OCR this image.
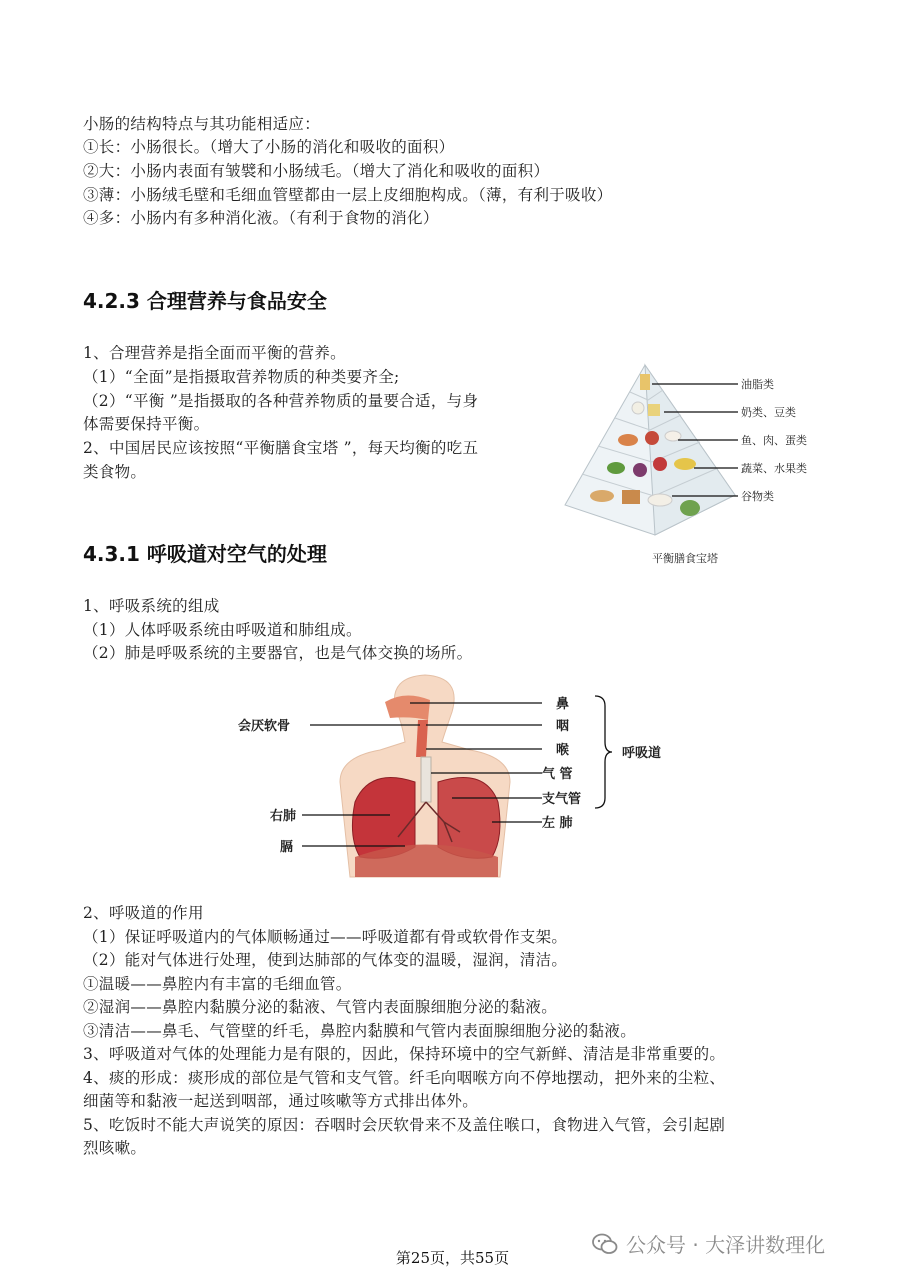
小肠的结构特点与其功能相适应：
①长：小肠很长。（增大了小肠的消化和吸收的面积）
②大：小肠内表面有皱襞和小肠绒毛。（增大了消化和吸收的面积）
③薄：小肠绒毛壁和毛细血管壁都由一层上皮细胞构成。（薄，有利于吸收）
④多：小肠内有多种消化液。（有利于食物的消化）
4.2.3 合理营养与食品安全
1、合理营养是指全面而平衡的营养。
（1）“全面”是指摄取营养物质的种类要齐全;
（2）“平衡 ”是指摄取的各种营养物质的量要合适，与身
体需要保持平衡。
2、中国居民应该按照“平衡膳食宝塔 ”，每天均衡的吃五
类食物。
油脂类
奶类、豆类
鱼、肉、蛋类
蔬菜、水果类
谷物类
平衡膳食宝塔
4.3.1 呼吸道对空气的处理
1、呼吸系统的组成
（1）人体呼吸系统由呼吸道和肺组成。
（2）肺是呼吸系统的主要器官，也是气体交换的场所。
会厌软骨
右肺
膈
鼻
咽
喉
气 管
支气管
左 肺
呼吸道
2、呼吸道的作用
（1）保证呼吸道内的气体顺畅通过——呼吸道都有骨或软骨作支架。
（2）能对气体进行处理，使到达肺部的气体变的温暖，湿润，清洁。
①温暖——鼻腔内有丰富的毛细血管。
②湿润——鼻腔内黏膜分泌的黏液、气管内表面腺细胞分泌的黏液。
③清洁——鼻毛、气管壁的纤毛，鼻腔内黏膜和气管内表面腺细胞分泌的黏液。
3、呼吸道对气体的处理能力是有限的，因此，保持环境中的空气新鲜、清洁是非常重要的。
4、痰的形成：痰形成的部位是气管和支气管。纤毛向咽喉方向不停地摆动，把外来的尘粒、
细菌等和黏液一起送到咽部，通过咳嗽等方式排出体外。
5、吃饭时不能大声说笑的原因：吞咽时会厌软骨来不及盖住喉口，食物进入气管，会引起剧
烈咳嗽。
公众号 · 大泽讲数理化
第25页，共55页
